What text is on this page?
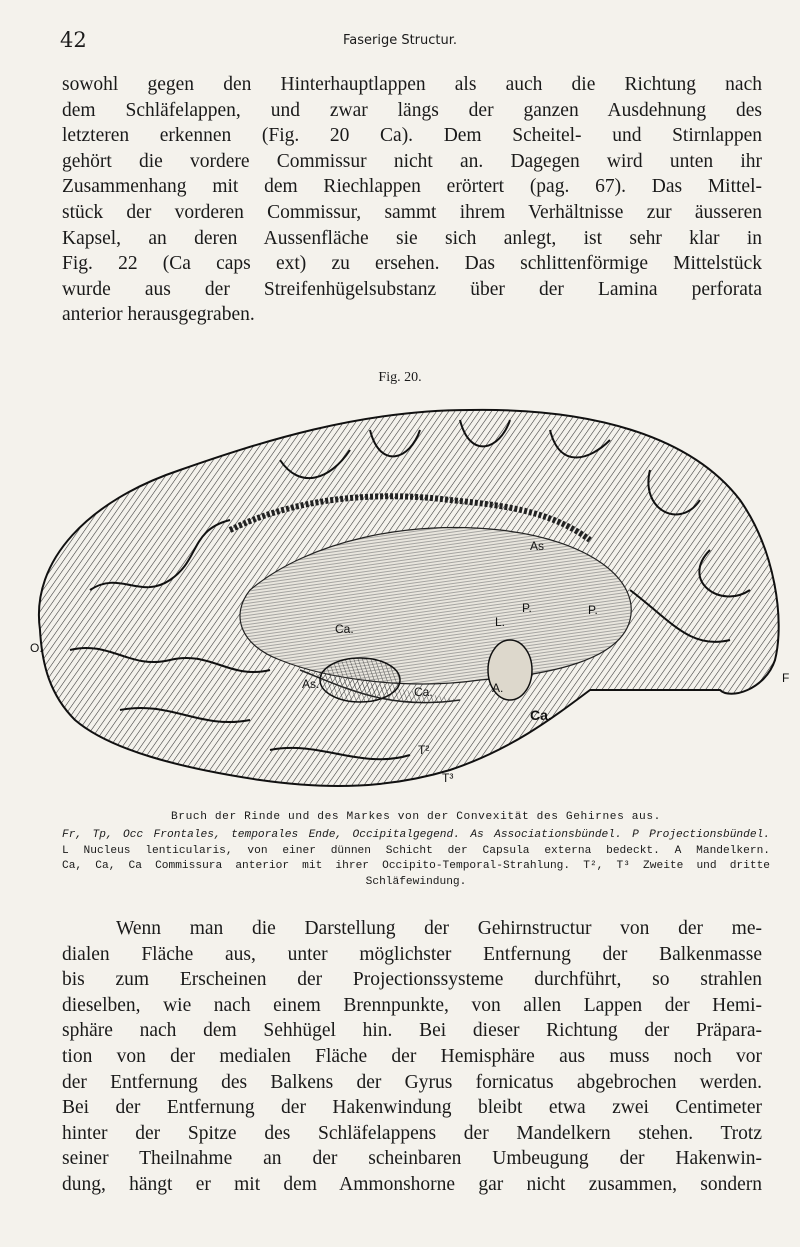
42	Faserige Structur.
sowohl gegen den Hinterhauptlappen als auch die Richtung nach
dem Schläfelappen, und zwar längs der ganzen Ausdehnung des
letzteren erkennen (Fig. 20 Ca). Dem Scheitel- und Stirnlappen
gehört die vordere Commissur nicht an. Dagegen wird unten ihr
Zusammenhang mit dem Riechlappen erörtert (pag. 67). Das Mittel-
stück der vorderen Commissur, sammt ihrem Verhältnisse zur äusseren
Kapsel, an deren Aussenfläche sie sich anlegt, ist sehr klar in
Fig. 22 (Ca caps ext) zu ersehen. Das schlittenförmige Mittelstück
wurde aus der Streifenhügelsubstanz über der Lamina perforata
anterior herausgegraben.
Fig. 20.
O.
F
Ca.
As.
P.	P.
L.
Ca.
As
A.
Ca.
T²
T³
Bruch der Rinde und des Markes von der Convexität des Gehirnes aus.
Fr, Tp, Occ Frontales, temporales Ende, Occipitalgegend. As Associationsbündel. P Projectionsbündel.
L Nucleus lenticularis, von einer dünnen Schicht der Capsula externa bedeckt. A Mandelkern.
Ca, Ca, Ca Commissura anterior mit ihrer Occipito-Temporal-Strahlung. T², T³ Zweite und dritte
Schläfewindung.
Wenn man die Darstellung der Gehirnstructur von der me-
dialen Fläche aus, unter möglichster Entfernung der Balkenmasse
bis zum Erscheinen der Projectionssysteme durchführt, so strahlen
dieselben, wie nach einem Brennpunkte, von allen Lappen der Hemi-
sphäre nach dem Sehhügel hin. Bei dieser Richtung der Präpara-
tion von der medialen Fläche der Hemisphäre aus muss noch vor
der Entfernung des Balkens der Gyrus fornicatus abgebrochen werden.
Bei der Entfernung der Hakenwindung bleibt etwa zwei Centimeter
hinter der Spitze des Schläfelappens der Mandelkern stehen. Trotz
seiner Theilnahme an der scheinbaren Umbeugung der Hakenwin-
dung, hängt er mit dem Ammonshorne gar nicht zusammen, sondern
